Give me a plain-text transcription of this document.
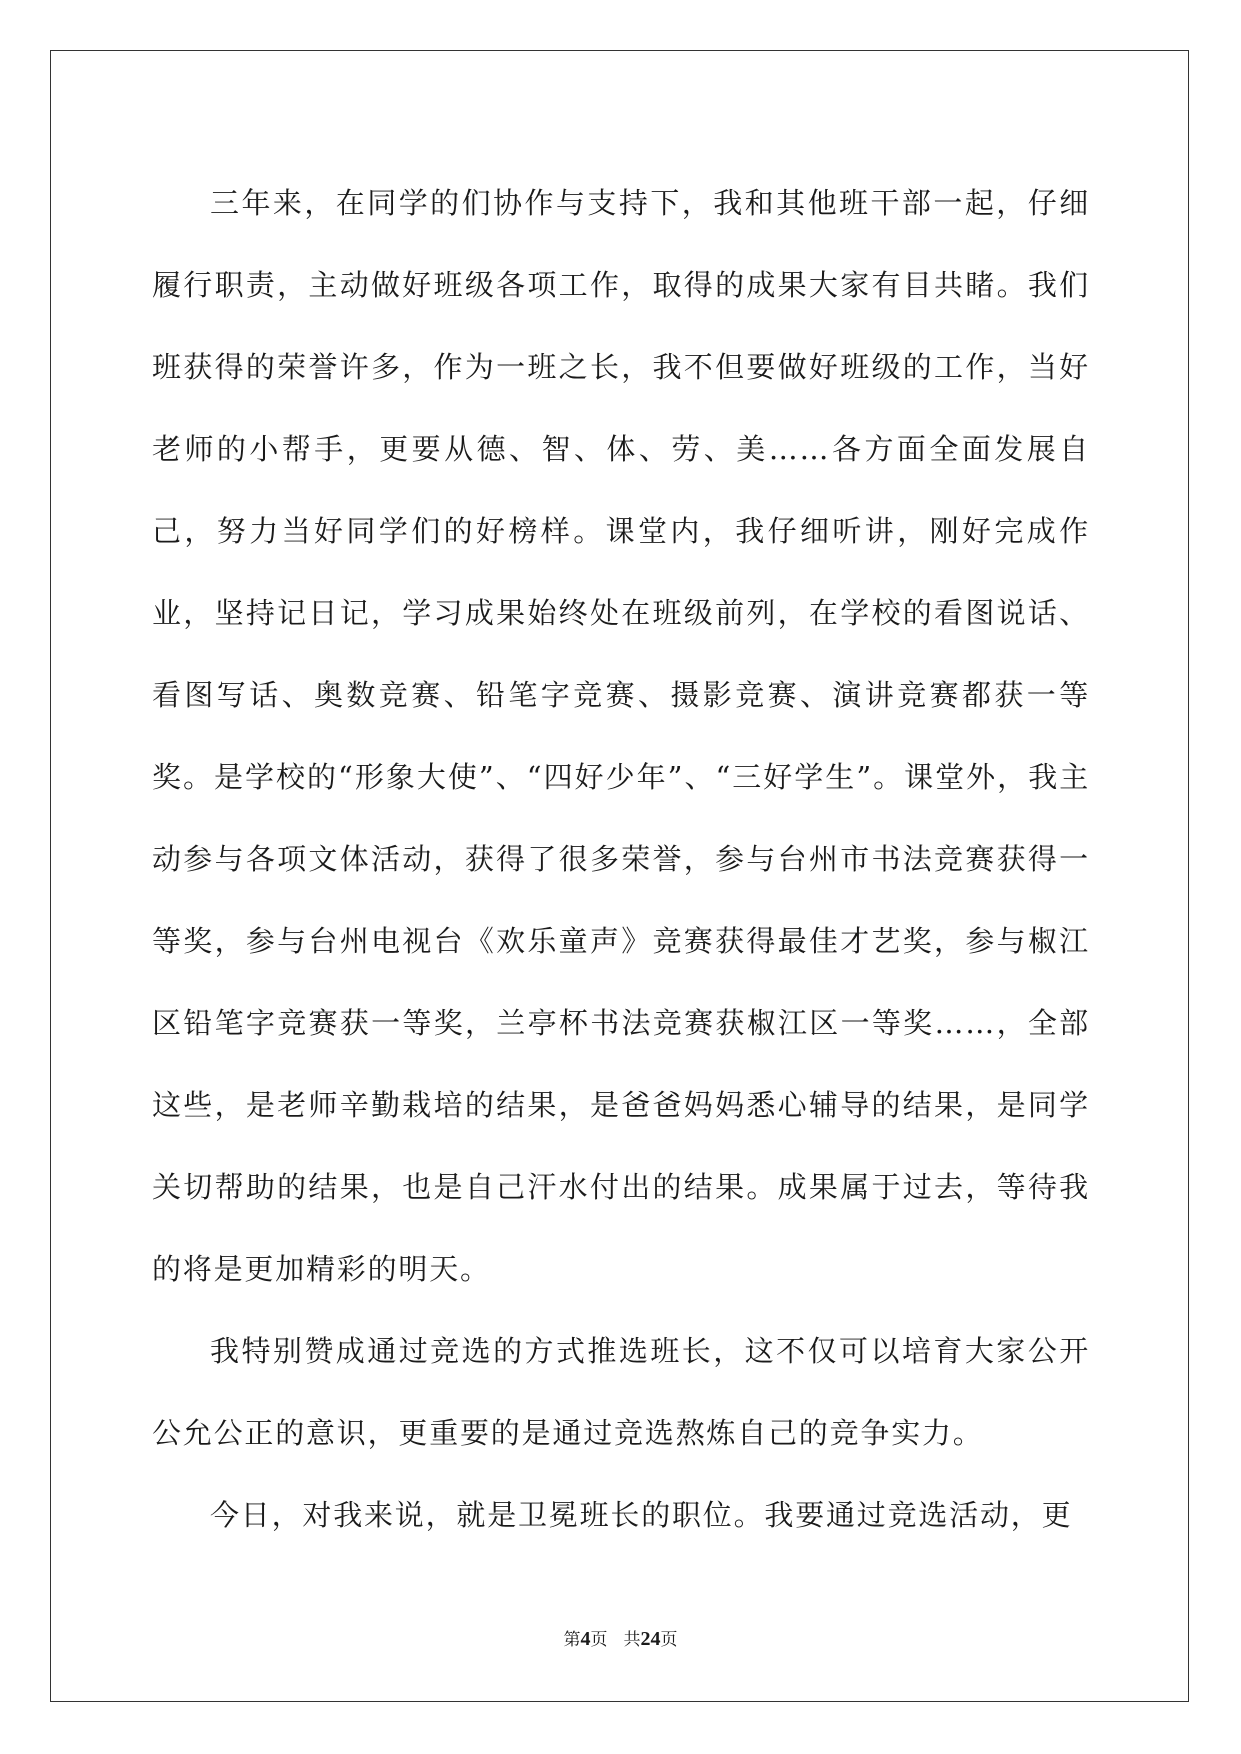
三年来，在同学的们协作与支持下，我和其他班干部一起，仔细履行职责，主动做好班级各项工作，取得的成果大家有目共睹。我们班获得的荣誉许多，作为一班之长，我不但要做好班级的工作，当好老师的小帮手，更要从德、智、体、劳、美……各方面全面发展自己，努力当好同学们的好榜样。课堂内，我仔细听讲，刚好完成作业，坚持记日记，学习成果始终处在班级前列，在学校的看图说话、看图写话、奥数竞赛、铅笔字竞赛、摄影竞赛、演讲竞赛都获一等奖。是学校的“形象大使”、“四好少年”、“三好学生”。课堂外，我主动参与各项文体活动，获得了很多荣誉，参与台州市书法竞赛获得一等奖，参与台州电视台《欢乐童声》竞赛获得最佳才艺奖，参与椒江区铅笔字竞赛获一等奖，兰亭杯书法竞赛获椒江区一等奖……，全部这些，是老师辛勤栽培的结果，是爸爸妈妈悉心辅导的结果，是同学关切帮助的结果，也是自己汗水付出的结果。成果属于过去，等待我的将是更加精彩的明天。

我特别赞成通过竞选的方式推选班长，这不仅可以培育大家公开公允公正的意识，更重要的是通过竞选熬炼自己的竞争实力。

今日，对我来说，就是卫冕班长的职位。我要通过竞选活动，更

第4页 共24页
